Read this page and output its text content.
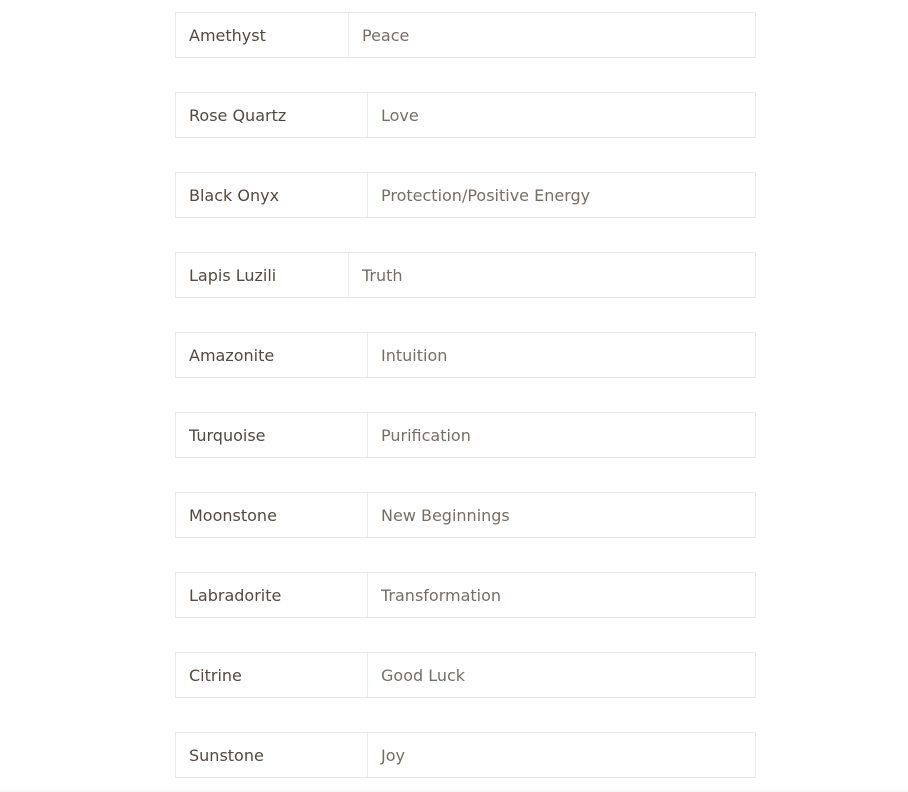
Amethyst	Peace
Rose Quartz	Love
Black Onyx	Protection/Positive Energy
Lapis Luzili	Truth
Amazonite	Intuition
Turquoise	Purification
Moonstone	New Beginnings
Labradorite	Transformation
Citrine	Good Luck
Sunstone	Joy
